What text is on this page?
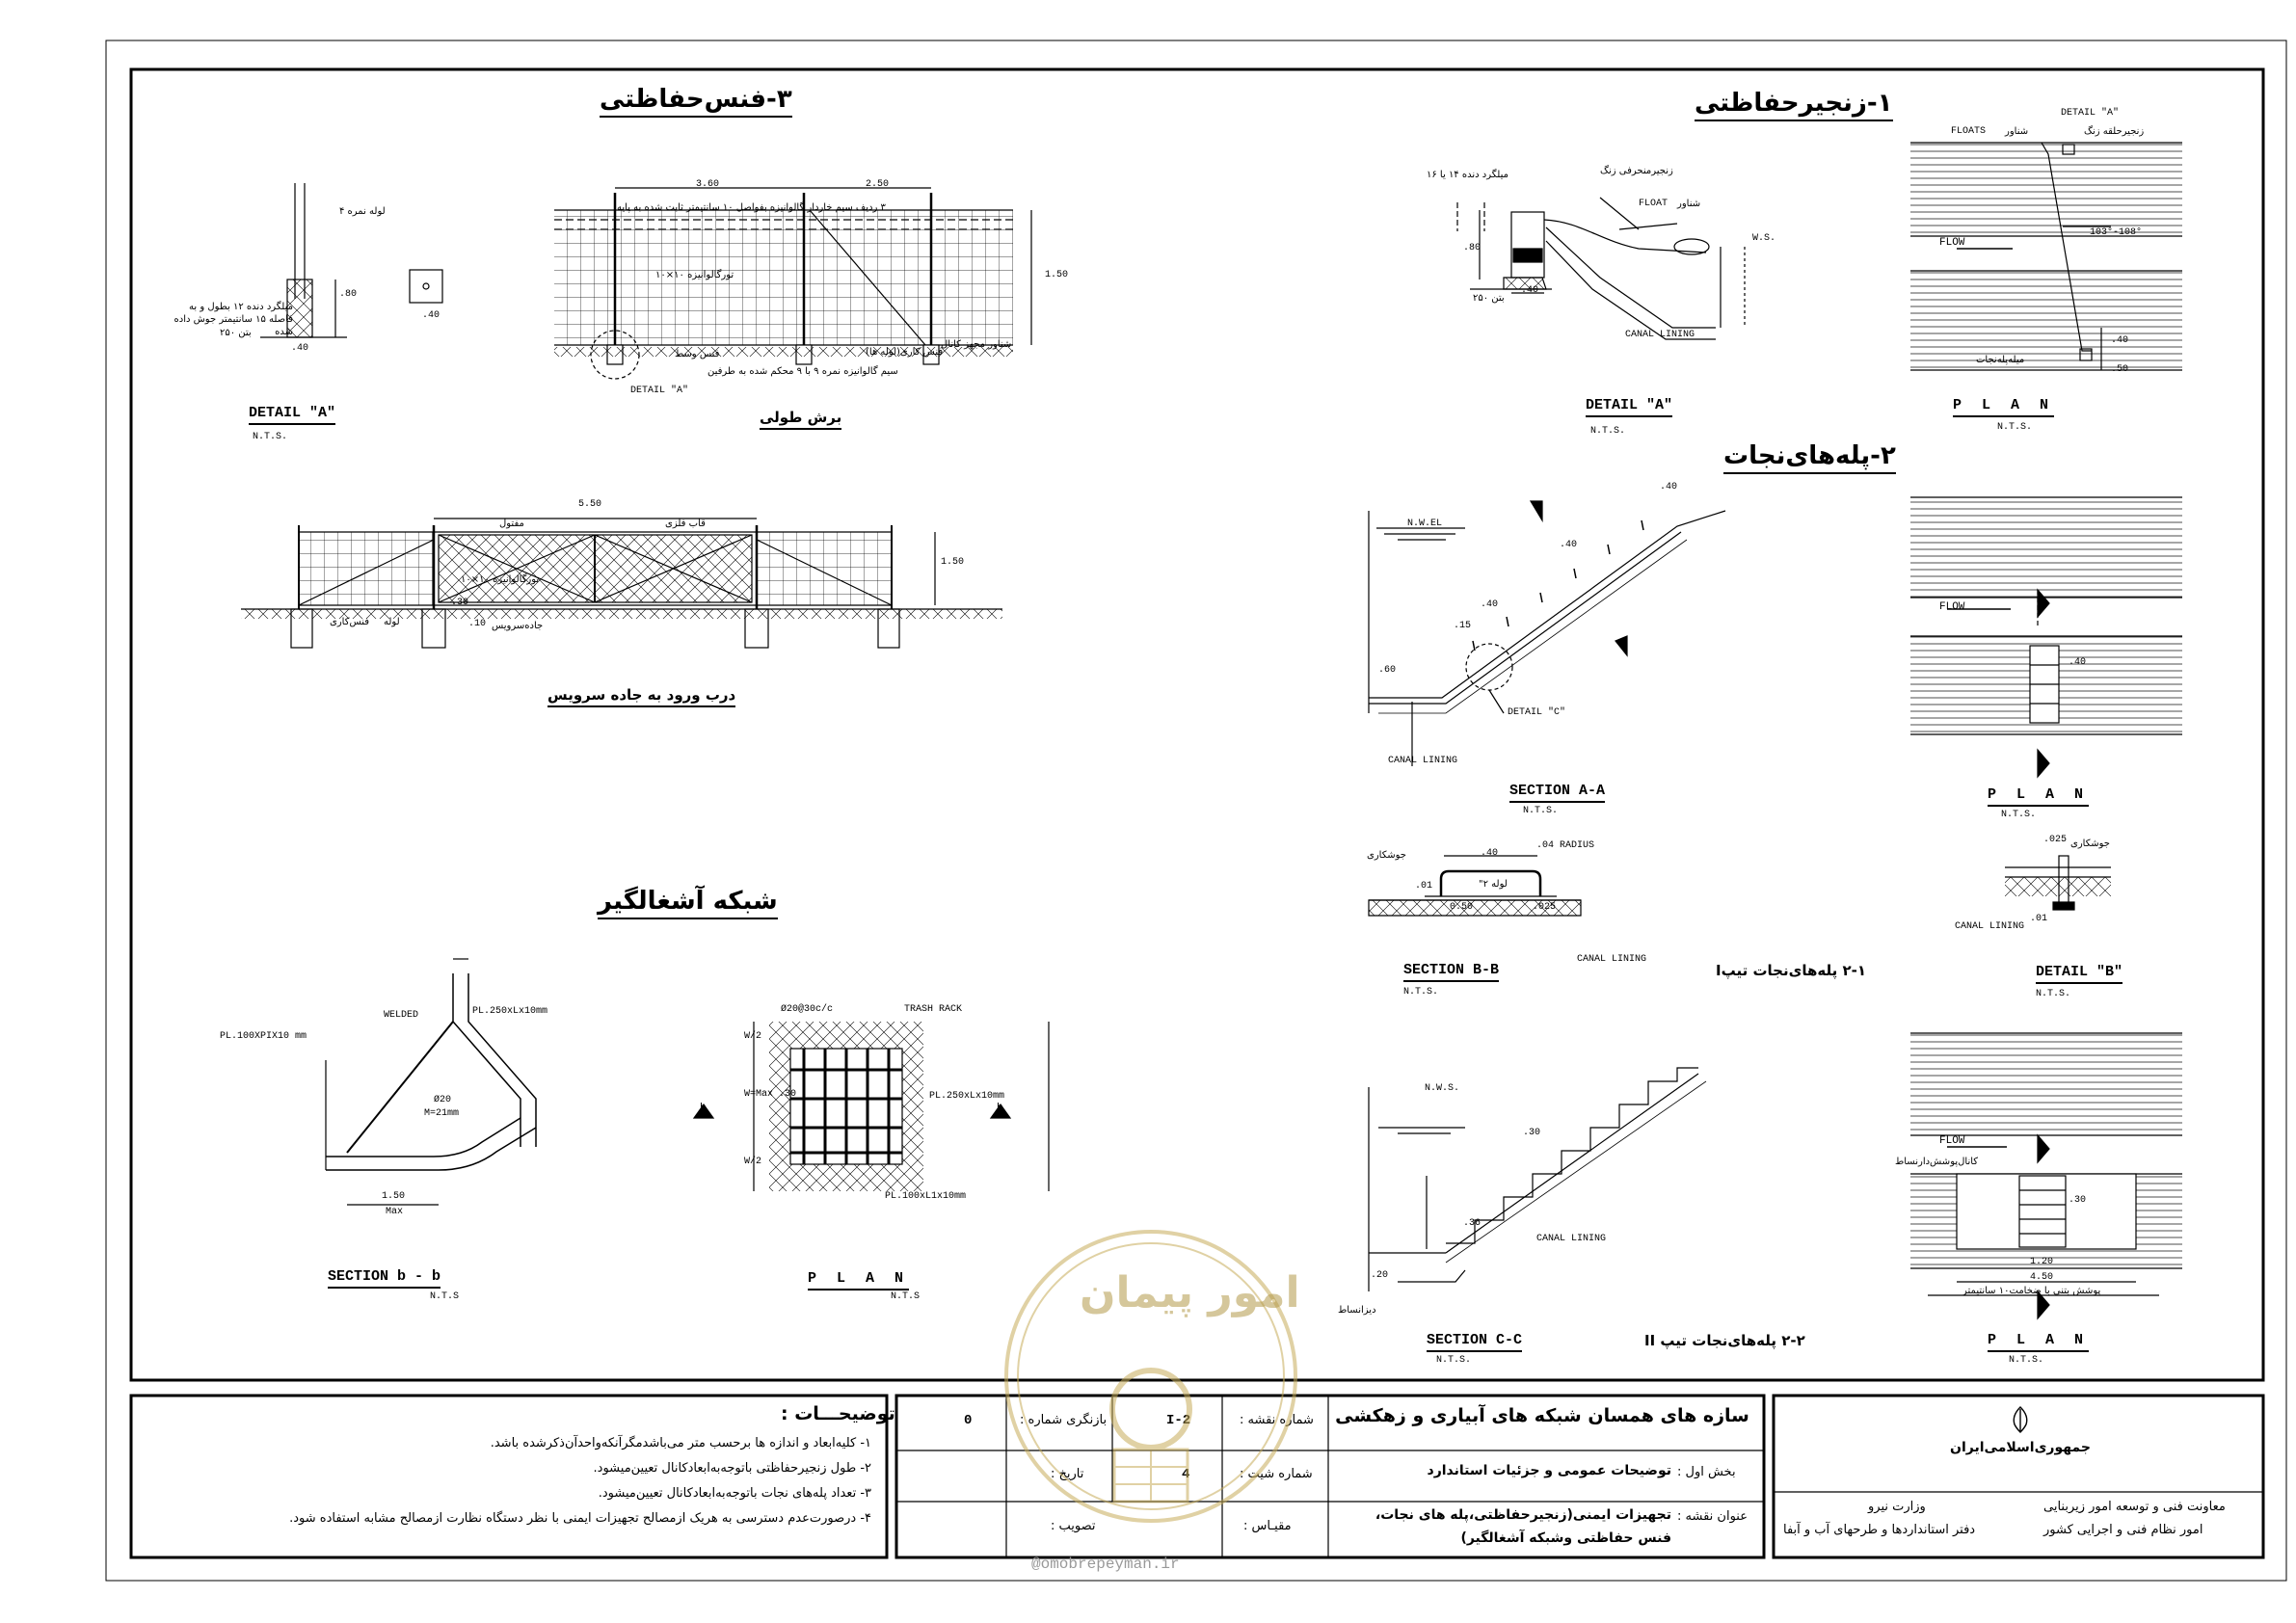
۱-زنجیرحفاظتی
۲-پله‌های‌نجات
۳-فنس‌حفاظتی
شبکه آشغالگیر
۲-۱ پله‌های‌نجات تیپI
۲-۲ پله‌های‌نجات تیپ II
DETAIL "A"
N.T.S.
P L A N
N.T.S.
DETAIL "A"
N.T.S.
برش طولی
درب ورود به جاده سرویس
SECTION A-A
N.T.S.
P L A N
N.T.S.
SECTION B-B
N.T.S.
DETAIL "B"
N.T.S.
SECTION C-C
N.T.S.
P L A N
N.T.S.
SECTION b - b
N.T.S
P L A N
N.T.S
FLOATS شناور
DETAIL "A"
زنجیر‌حلقه‌ زنگ
FLOW
103°-108°
میله‌پله‌نجات
زنجیرمنحرفی زنگ
FLOAT شناور
میلگرد دنده ۱۴ یا ۱۶
بتن ۲۵۰
CANAL LINING
W.S.
N.W.EL
DETAIL "C"
CANAL LINING
FLOW
.04 RADIUS
جوشکاری
لوله ۲"
CANAL LINING
جوشکاری
CANAL LINING
N.W.S.
CANAL LINING
دیزانساط
FLOW
کانال‌پوشش‌دار‌نساط
پوشش بتنی با ضخامت۱۰ سانتیمتر
لوله نمره ۴
میلگرد دنده ۱۲ بطول و به فاصله ۱۵ سانتیمتر جوش داده شده
بتن ۲۵۰
۳ ردیف سیم خاردار گالوانیزه بفواصل ۱۰ سانتیمتر ثابت شده به پایه
تورگالوانیزه ۱۰×۱۰
سیم گالوانیزه نمره ۹ با ۹ محکم شده به طرفین
فنس کاری(لوله ها)
شناور مجهز کانال
فنس وسط
DETAIL "A"
قاب فلزی
مفتول
تورگالوانیزه ۱۰×۱۰
فنس‌کاری لوله	جاده‌سرویس
WELDED	PL.250xLx10mm
PL.100XPIX10 mm
Ø20
M=21mm
Max
Ø20@30c/c	TRASH RACK
PL.250xLx10mm
PL.100xL1x10mm
W/2
W=Max .30
W/2
b	b
3.60	2.50
5.50
1.50
1.50
.40
.40
.80	.40
.80
.40
.50
.60
.40
.40
.40
.15
.40
.40
0.50	.025
.01
.025
.01
.30
.36
.20
1.20
4.50
.30
1.50
.30
.10
توضیحـــات :
۱- کلیه‌ابعاد و اندازه ها برحسب متر می‌باشدمگرآنکه‌واحدآن‌ذکرشده باشد.
۲- طول زنجیرحفاظتی باتوجه‌به‌ابعادکانال تعیین‌میشود.
۳- تعداد پله‌های نجات باتوجه‌به‌ابعادکانال تعیین‌میشود.
۴- درصورت‌عدم دسترسی به هریک ازمصالح تجهیزات ایمنی با نظر دستگاه نظارت ازمصالح مشابه استفاده شود.
سازه های همسان شبکه های آبیاری و زهکشی
بخش اول :
توضیحات عمومی و جزئیات استاندارد
عنوان نقشه :
تجهیزات ایمنی(زنجیرحفاظتی،پله های نجات،
فنس حفاظتی وشبکه آشغالگیر)
شماره نقشه :
I-2
بازنگری شماره :
0
شماره شیت :
4
تاریخ :
مقیـاس :
تصویب :
جمهوری‌اسلامی‌ایران
وزارت نیرو	معاونت فنی و توسعه امور زیربنایی
امور نظام فنی و اجرایی کشور
دفتر استانداردها و طرحهای آب و آبفا
امور پیمان
@omobrepeyman.ir
